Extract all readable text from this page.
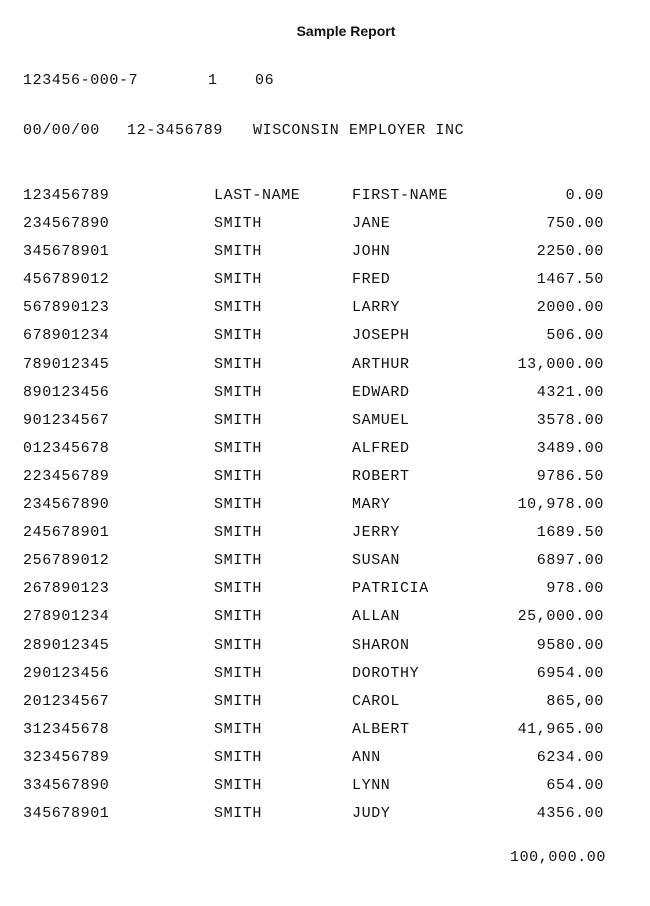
Sample Report

123456-000-7

	1

06

00/00/00

12-3456789

WISCONSIN EMPLOYER INC

123456789	LAST-NAME	FIRST-NAME	0.00
234567890	SMITH	JANE	750.00
345678901	SMITH	JOHN	2250.00
456789012	SMITH	FRED	1467.50
567890123	SMITH	LARRY	2000.00
678901234	SMITH	JOSEPH	506.00
789012345	SMITH	ARTHUR	13,000.00
890123456	SMITH	EDWARD	4321.00
901234567	SMITH	SAMUEL	3578.00
012345678	SMITH	ALFRED	3489.00
223456789	SMITH	ROBERT	9786.50
234567890	SMITH	MARY	10,978.00
245678901	SMITH	JERRY	1689.50
256789012	SMITH	SUSAN	6897.00
267890123	SMITH	PATRICIA	978.00
278901234	SMITH	ALLAN	25,000.00
289012345	SMITH	SHARON	9580.00
290123456	SMITH	DOROTHY	6954.00
201234567	SMITH	CAROL	865,00
312345678	SMITH	ALBERT	41,965.00
323456789	SMITH	ANN	6234.00
334567890	SMITH	LYNN	654.00
345678901	SMITH	JUDY	4356.00
100,000.00
